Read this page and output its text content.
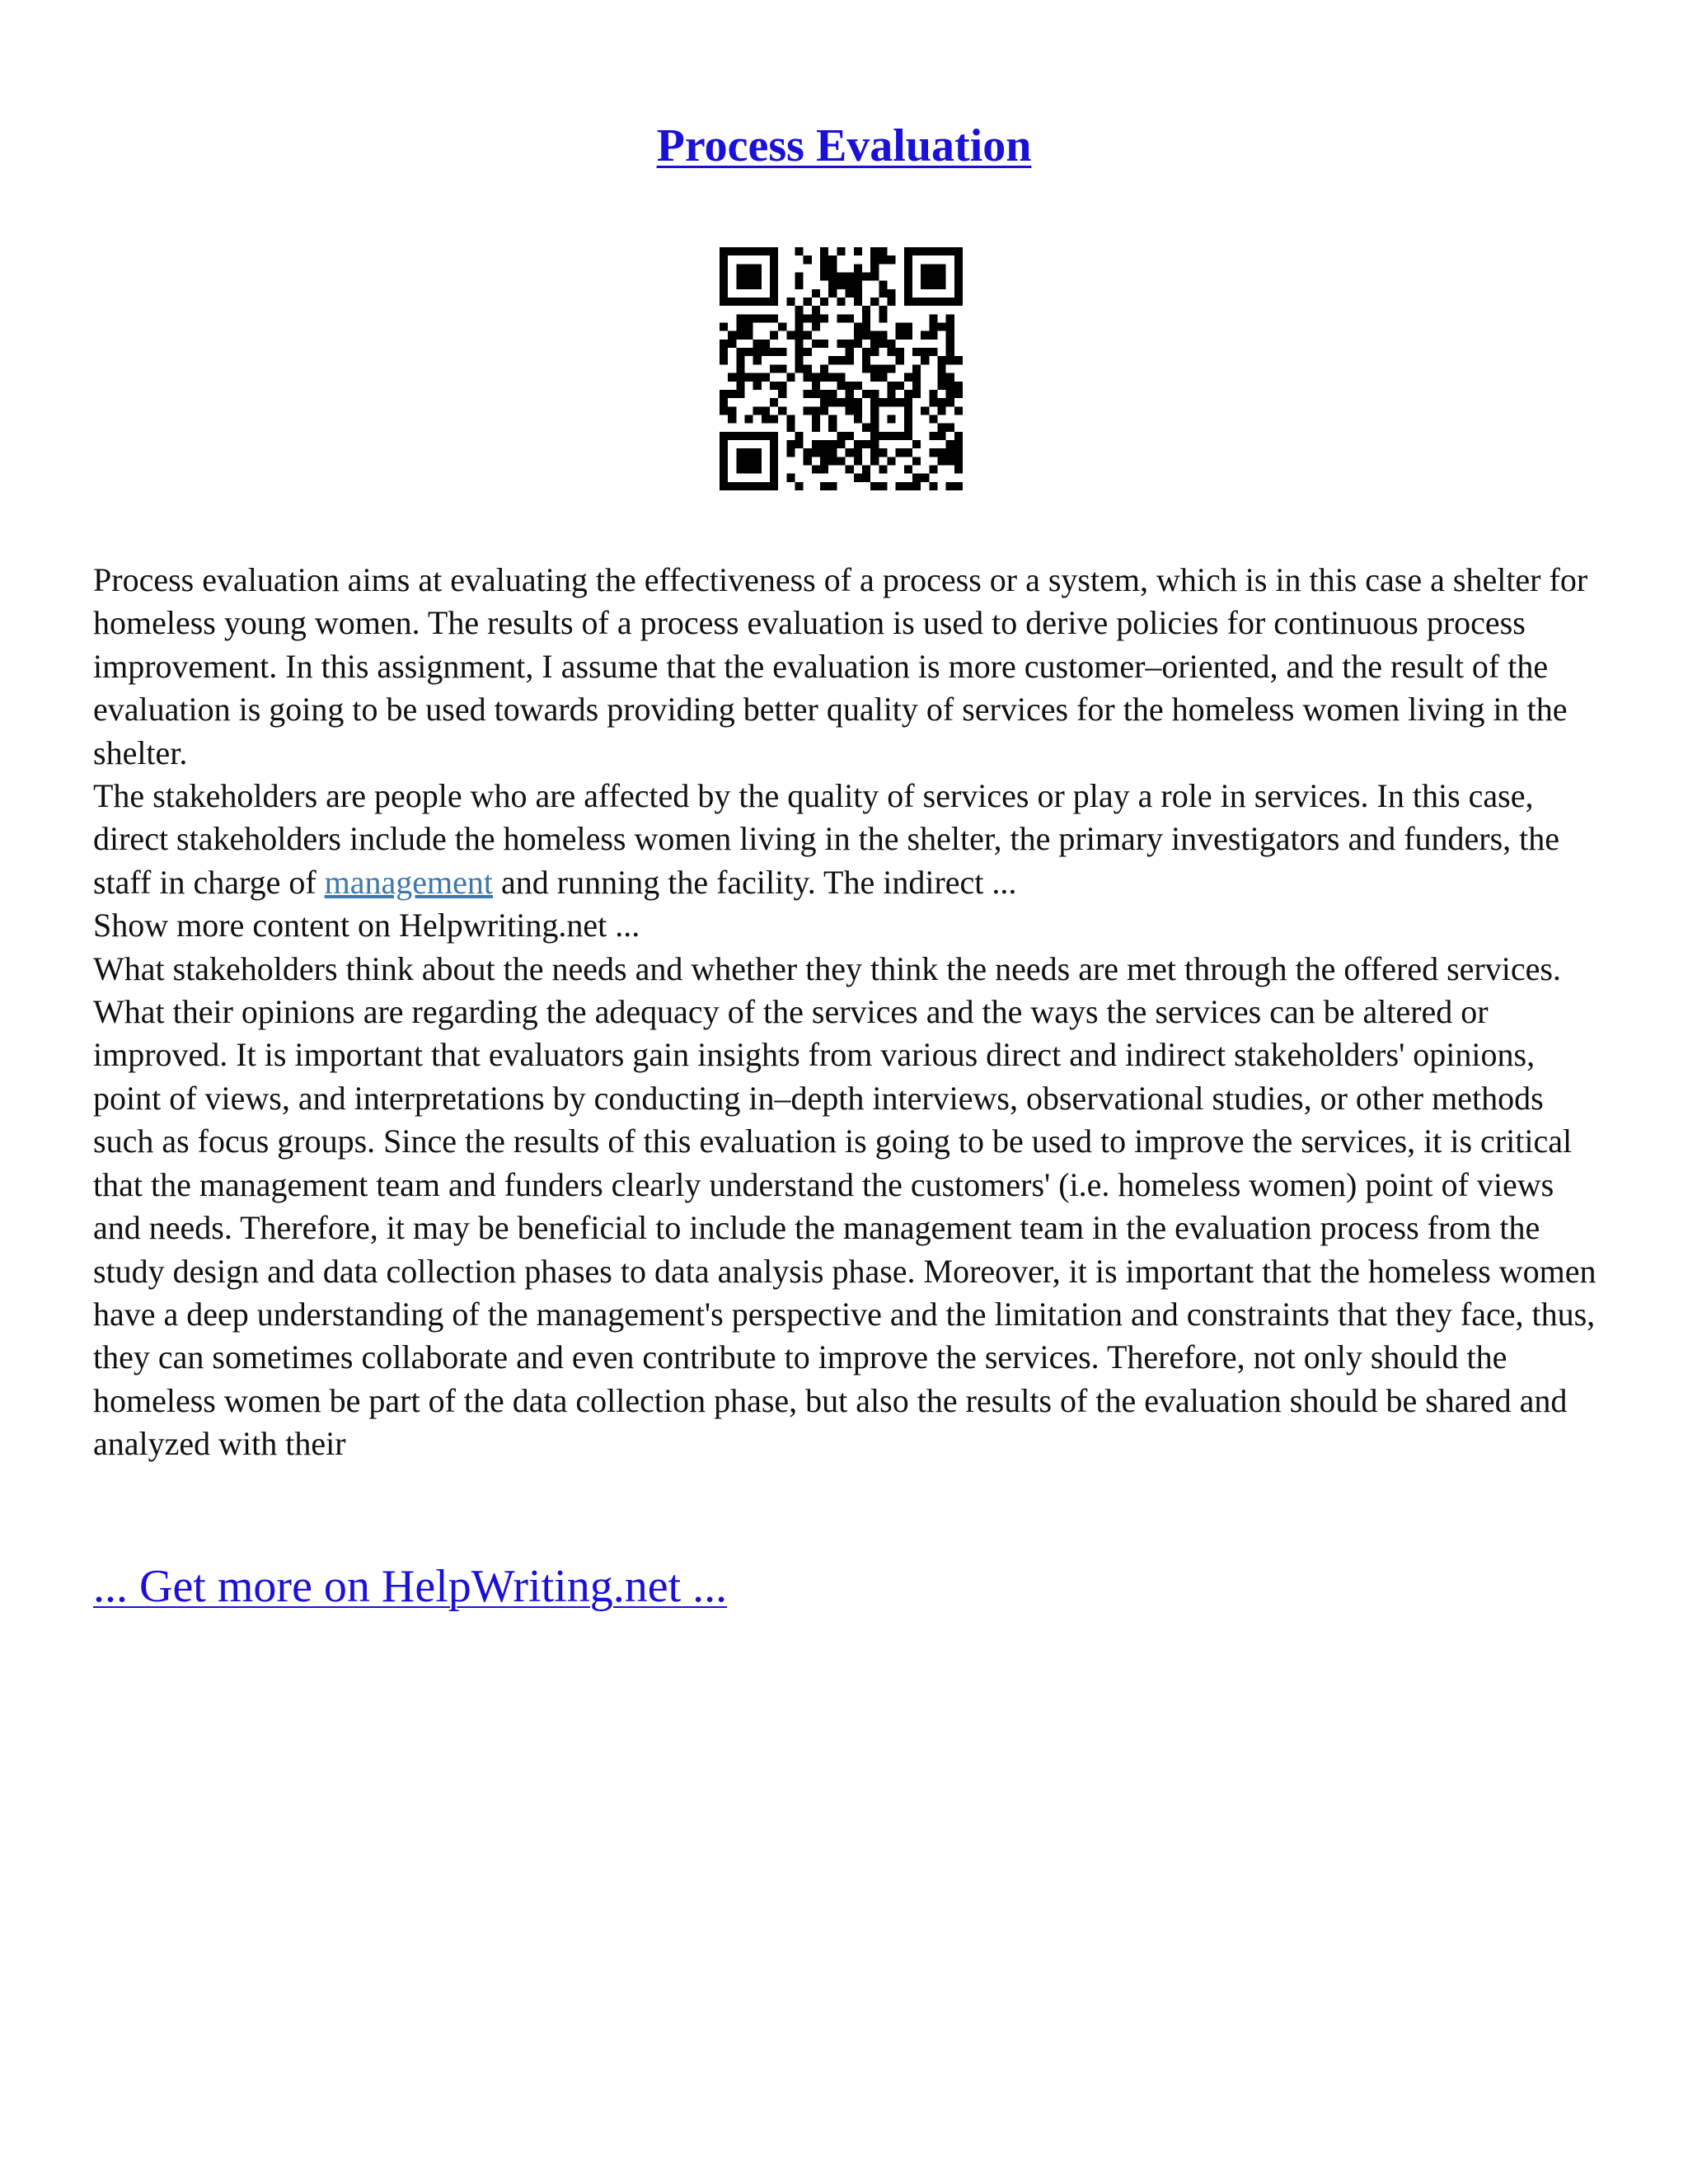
Process Evaluation

Process evaluation aims at evaluating the effectiveness of a process or a system, which is in this case a shelter for homeless young women. The results of a process evaluation is used to derive policies for continuous process improvement. In this assignment, I assume that the evaluation is more customer–oriented, and the result of the evaluation is going to be used towards providing better quality of services for the homeless women living in the shelter.

The stakeholders are people who are affected by the quality of services or play a role in services. In this case, direct stakeholders include the homeless women living in the shelter, the primary investigators and funders, the staff in charge of management and running the facility. The indirect ...

Show more content on Helpwriting.net ...

What stakeholders think about the needs and whether they think the needs are met through the offered services. What their opinions are regarding the adequacy of the services and the ways the services can be altered or improved. It is important that evaluators gain insights from various direct and indirect stakeholders' opinions, point of views, and interpretations by conducting in–depth interviews, observational studies, or other methods such as focus groups. Since the results of this evaluation is going to be used to improve the services, it is critical that the management team and funders clearly understand the customers' (i.e. homeless women) point of views and needs. Therefore, it may be beneficial to include the management team in the evaluation process from the study design and data collection phases to data analysis phase. Moreover, it is important that the homeless women have a deep understanding of the management's perspective and the limitation and constraints that they face, thus, they can sometimes collaborate and even contribute to improve the services. Therefore, not only should the homeless women be part of the data collection phase, but also the results of the evaluation should be shared and analyzed with their

... Get more on HelpWriting.net ...
